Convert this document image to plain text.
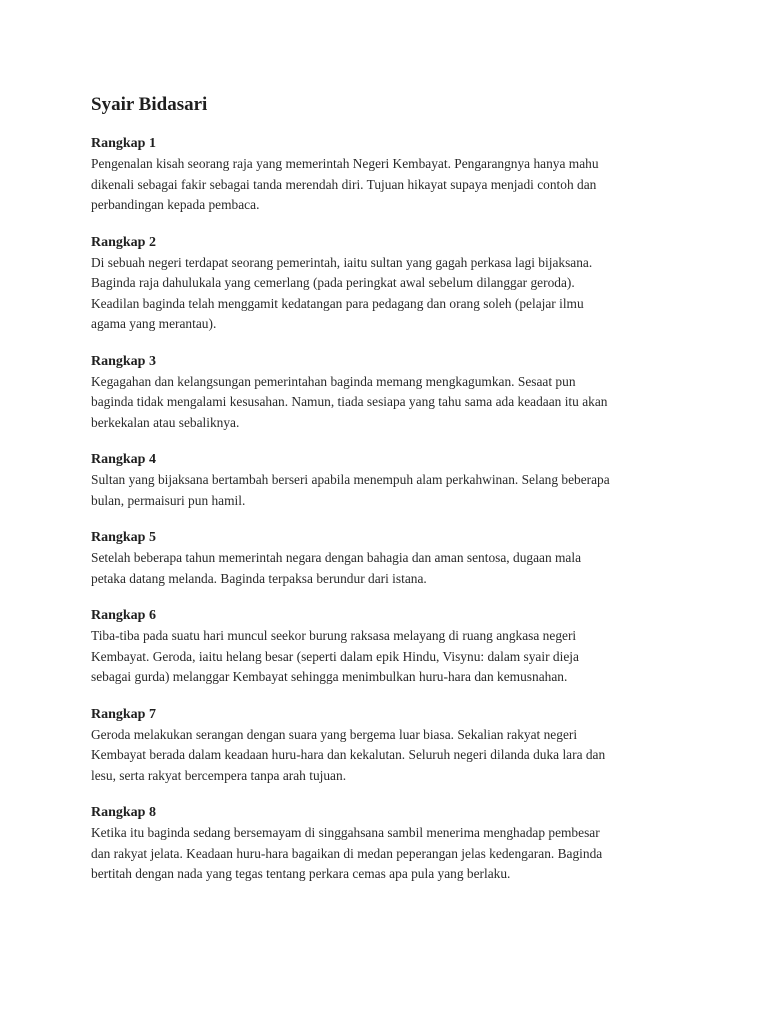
Syair Bidasari

Rangkap 1

Pengenalan kisah seorang raja yang memerintah Negeri Kembayat. Pengarangnya hanya mahu
dikenali sebagai fakir sebagai tanda merendah diri. Tujuan hikayat supaya menjadi contoh dan
perbandingan kepada pembaca.

Rangkap 2

Di sebuah negeri terdapat seorang pemerintah, iaitu sultan yang gagah perkasa lagi bijaksana.
Baginda raja dahulukala yang cemerlang (pada peringkat awal sebelum dilanggar geroda).
Keadilan baginda telah menggamit kedatangan para pedagang dan orang soleh (pelajar ilmu
agama yang merantau).

Rangkap 3

Kegagahan dan kelangsungan pemerintahan baginda memang mengkagumkan. Sesaat pun
baginda tidak mengalami kesusahan. Namun, tiada sesiapa yang tahu sama ada keadaan itu akan
berkekalan atau sebaliknya.

Rangkap 4

Sultan yang bijaksana bertambah berseri apabila menempuh alam perkahwinan. Selang beberapa
bulan, permaisuri pun hamil.

Rangkap 5

Setelah beberapa tahun memerintah negara dengan bahagia dan aman sentosa, dugaan mala
petaka datang melanda. Baginda terpaksa berundur dari istana.

Rangkap 6

Tiba-tiba pada suatu hari muncul seekor burung raksasa melayang di ruang angkasa negeri
Kembayat. Geroda, iaitu helang besar (seperti dalam epik Hindu, Visynu: dalam syair dieja
sebagai gurda) melanggar Kembayat sehingga menimbulkan huru-hara dan kemusnahan.

Rangkap 7

Geroda melakukan serangan dengan suara yang bergema luar biasa. Sekalian rakyat negeri
Kembayat berada dalam keadaan huru-hara dan kekalutan. Seluruh negeri dilanda duka lara dan
lesu, serta rakyat bercempera tanpa arah tujuan.

Rangkap 8

Ketika itu baginda sedang bersemayam di singgahsana sambil menerima menghadap pembesar
dan rakyat jelata. Keadaan huru-hara bagaikan di medan peperangan jelas kedengaran. Baginda
bertitah dengan nada yang tegas tentang perkara cemas apa pula yang berlaku.
